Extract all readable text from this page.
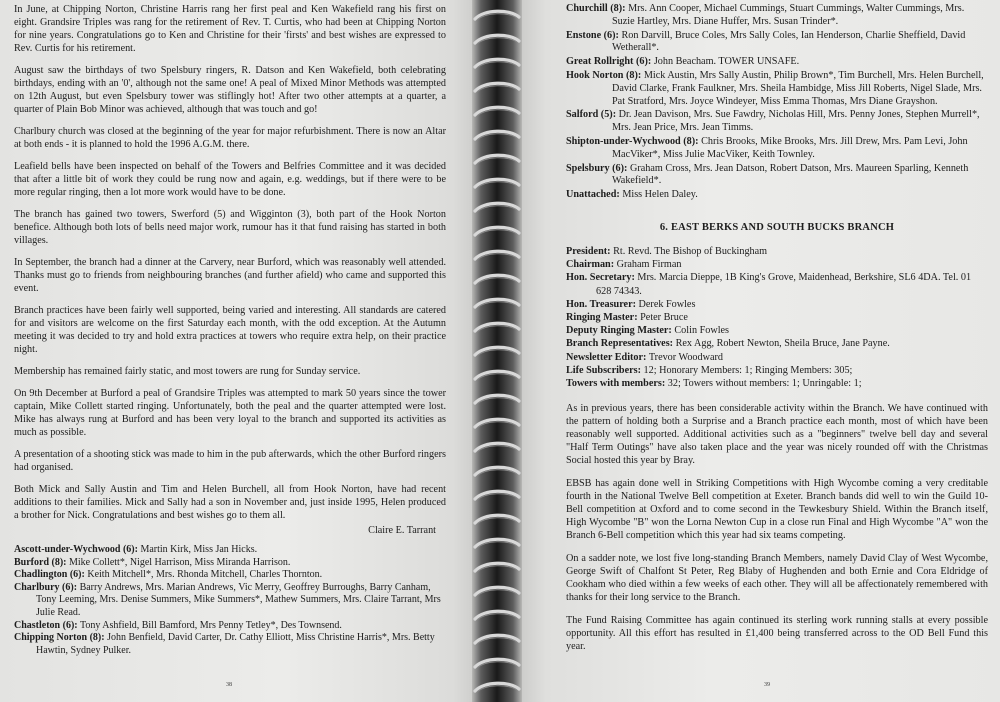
In June, at Chipping Norton, Christine Harris rang her first peal and Ken Wakefield rang his first on eight. Grandsire Triples was rang for the retirement of Rev. T. Curtis, who had been at Chipping Norton for nine years. Congratulations go to Ken and Christine for their 'firsts' and best wishes are expressed to Rev. Curtis for his retirement.

August saw the birthdays of two Spelsbury ringers, R. Datson and Ken Wakefield, both celebrating birthdays, ending with an '0', although not the same one! A peal of Mixed Minor Methods was attempted on 12th August, but even Spelsbury tower was stiflingly hot! After two other attempts at a quarter, a quarter of Plain Bob Minor was achieved, although that was touch and go!

Charlbury church was closed at the beginning of the year for major refurbishment. There is now an Altar at both ends - it is planned to hold the 1996 A.G.M. there.

Leafield bells have been inspected on behalf of the Towers and Belfries Committee and it was decided that after a little bit of work they could be rung now and again, e.g. weddings, but if there were to be more regular ringing, then a lot more work would have to be done.

The branch has gained two towers, Swerford (5) and Wigginton (3), both part of the Hook Norton benefice. Although both lots of bells need major work, rumour has it that fund raising has started in both villages.

In September, the branch had a dinner at the Carvery, near Burford, which was reasonably well attended. Thanks must go to friends from neighbouring branches (and further afield) who came and supported this event.

Branch practices have been fairly well supported, being varied and interesting. All standards are catered for and visitors are welcome on the first Saturday each month, with the odd exception. At the Autumn meeting it was decided to try and hold extra practices at towers who require extra help, on their practice night.

Membership has remained fairly static, and most towers are rung for Sunday service.

On 9th December at Burford a peal of Grandsire Triples was attempted to mark 50 years since the tower captain, Mike Collett started ringing. Unfortunately, both the peal and the quarter attempted were lost. Mike has always rung at Burford and has been very loyal to the branch and supported its activities as much as possible.

A presentation of a shooting stick was made to him in the pub afterwards, which the other Burford ringers had organised.

Both Mick and Sally Austin and Tim and Helen Burchell, all from Hook Norton, have had recent additions to their families. Mick and Sally had a son in November and, just inside 1995, Helen produced a brother for Nick. Congratulations and best wishes go to them all.

Claire E. Tarrant
Ascott-under-Wychwood (6): Martin Kirk, Miss Jan Hicks.
Burford (8): Mike Collett*, Nigel Harrison, Miss Miranda Harrison.
Chadlington (6): Keith Mitchell*, Mrs. Rhonda Mitchell, Charles Thornton.
Charlbury (6): Barry Andrews, Mrs. Marian Andrews, Vic Merry, Geoffrey Burroughs, Barry Canham, Tony Leeming, Mrs. Denise Summers, Mike Summers*, Mathew Summers, Mrs. Claire Tarrant, Mrs Julie Read.
Chastleton (6): Tony Ashfield, Bill Bamford, Mrs Penny Tetley*, Des Townsend.
Chipping Norton (8): John Benfield, David Carter, Dr. Cathy Elliott, Miss Christine Harris*, Mrs. Betty Hawtin, Sydney Pulker.
38
Churchill (8): Mrs. Ann Cooper, Michael Cummings, Stuart Cummings, Walter Cummings, Mrs. Suzie Hartley, Mrs. Diane Huffer, Mrs. Susan Trinder*.
Enstone (6): Ron Darvill, Bruce Coles, Mrs Sally Coles, Ian Henderson, Charlie Sheffield, David Wetherall*.
Great Rollright (6): John Beacham. TOWER UNSAFE.
Hook Norton (8): Mick Austin, Mrs Sally Austin, Philip Brown*, Tim Burchell, Mrs. Helen Burchell, David Clarke, Frank Faulkner, Mrs. Sheila Hambidge, Miss Jill Roberts, Nigel Slade, Mrs. Pat Stratford, Mrs. Joyce Windeyer, Miss Emma Thomas, Mrs Diane Grayshon.
Salford (5): Dr. Jean Davison, Mrs. Sue Fawdry, Nicholas Hill, Mrs. Penny Jones, Stephen Murrell*, Mrs. Jean Price, Mrs. Jean Timms.
Shipton-under-Wychwood (8): Chris Brooks, Mike Brooks, Mrs. Jill Drew, Mrs. Pam Levi, John MacViker*, Miss Julie MacViker, Keith Townley.
Spelsbury (6): Graham Cross, Mrs. Jean Datson, Robert Datson, Mrs. Maureen Sparling, Kenneth Wakefield*.
Unattached: Miss Helen Daley.
6. EAST BERKS AND SOUTH BUCKS BRANCH
President: Rt. Revd. The Bishop of Buckingham
Chairman: Graham Firman
Hon. Secretary: Mrs. Marcia Dieppe, 1B King's Grove, Maidenhead, Berkshire, SL6 4DA. Tel. 01 628 74343.
Hon. Treasurer: Derek Fowles
Ringing Master: Peter Bruce
Deputy Ringing Master: Colin Fowles
Branch Representatives: Rex Agg, Robert Newton, Sheila Bruce, Jane Payne.
Newsletter Editor: Trevor Woodward
Life Subscribers: 12; Honorary Members: 1; Ringing Members: 305;
Towers with members: 32; Towers without members: 1; Unringable: 1;

As in previous years, there has been considerable activity within the Branch. We have continued with the pattern of holding both a Surprise and a Branch practice each month, most of which have been reasonably well supported. Additional activities such as a "beginners" twelve bell day and several "Half Term Outings" have also taken place and the year was nicely rounded off with the Christmas Social hosted this year by Bray.

EBSB has again done well in Striking Competitions with High Wycombe coming a very creditable fourth in the National Twelve Bell competition at Exeter. Branch bands did well to win the Guild 10-Bell competition at Oxford and to come second in the Tewkesbury Shield. Within the Branch itself, High Wycombe "B" won the Lorna Newton Cup in a close run Final and High Wycombe "A" won the Branch 6-Bell competition which this year had six teams competing.

On a sadder note, we lost five long-standing Branch Members, namely David Clay of West Wycombe, George Swift of Chalfont St Peter, Reg Blaby of Hughenden and both Ernie and Cora Eldridge of Cookham who died within a few weeks of each other. They will all be affectionately remembered with thanks for their long service to the Branch.

The Fund Raising Committee has again continued its sterling work running stalls at every possible opportunity. All this effort has resulted in £1,400 being transferred across to the OD Bell Fund this year.

39
